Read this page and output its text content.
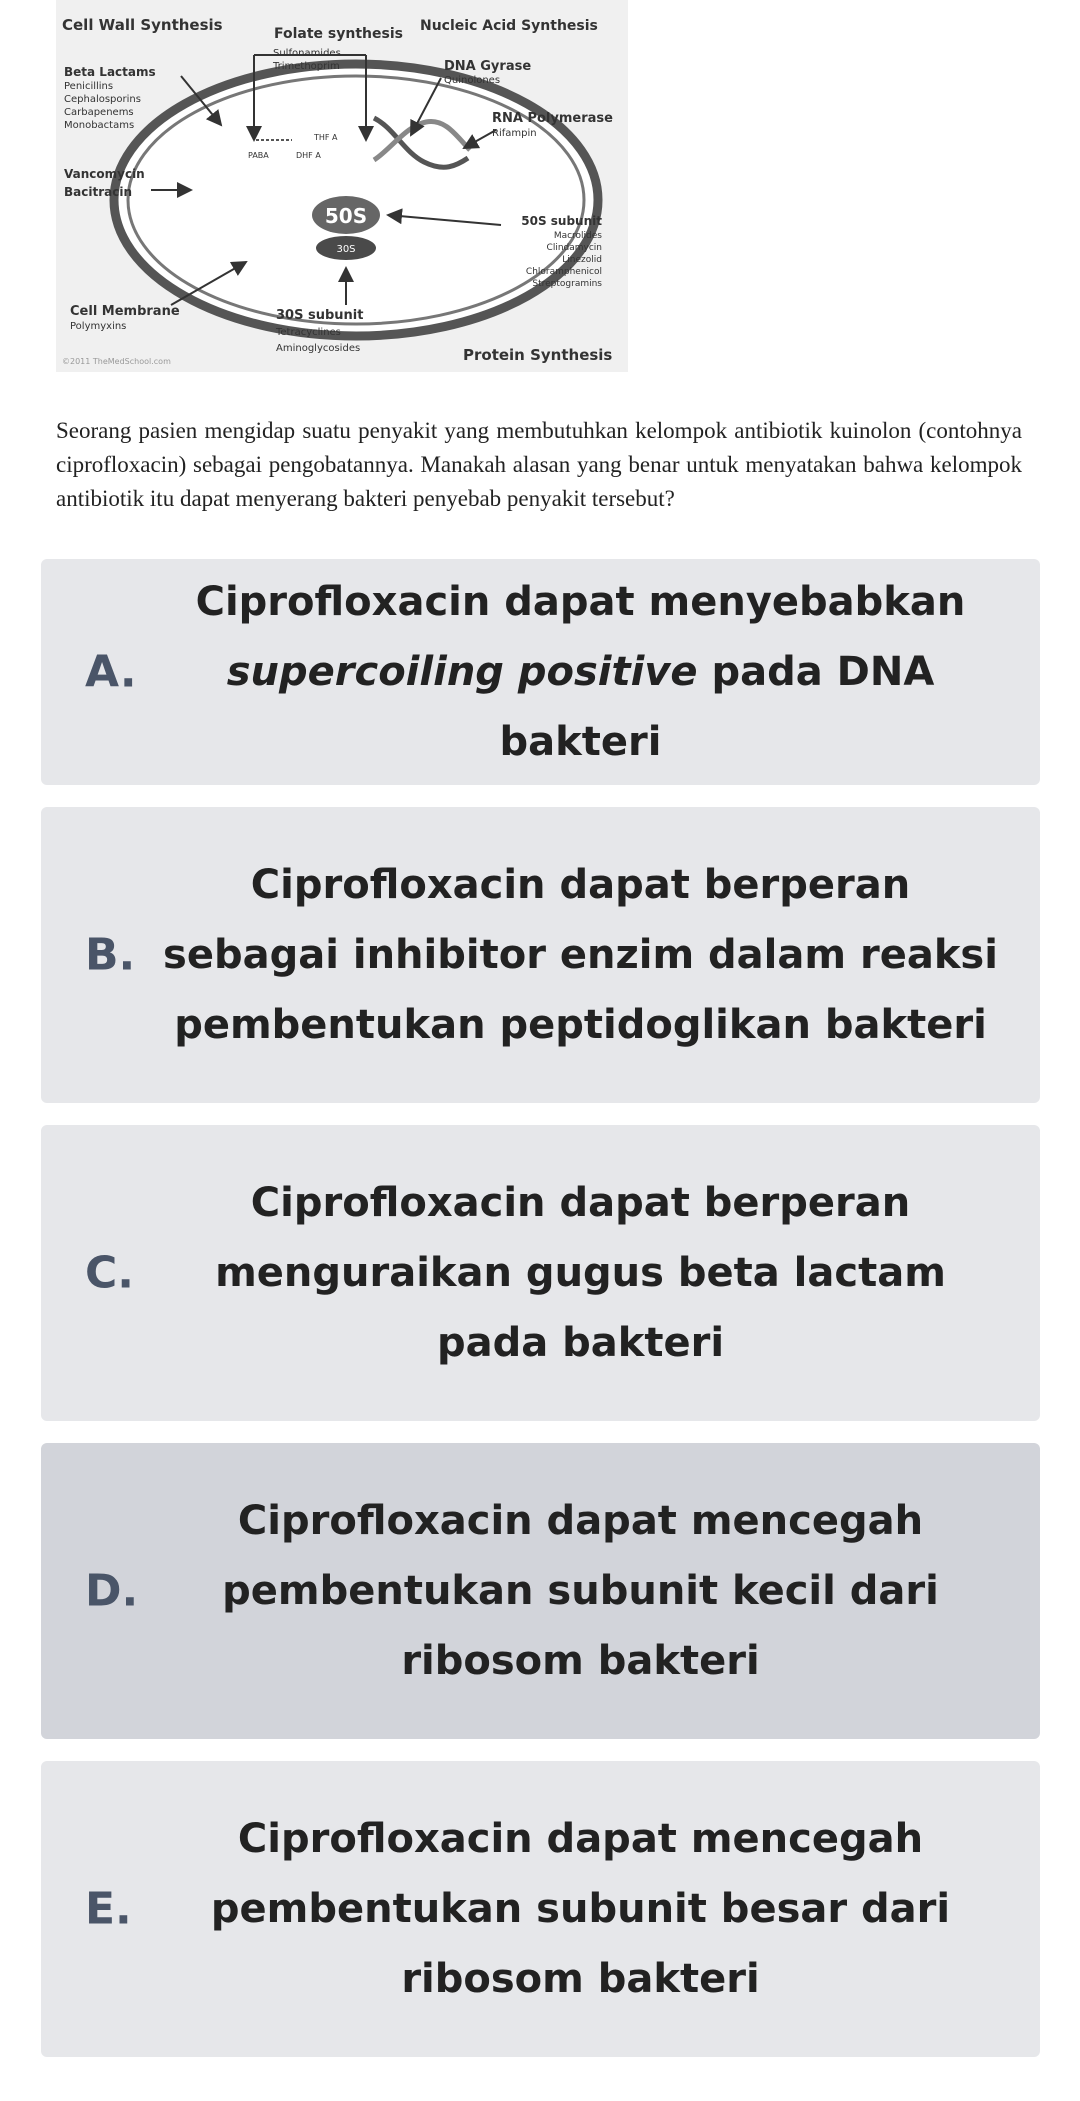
50S
30S
PABA	DHF A
THF A
Cell Wall Synthesis	Folate synthesis Nucleic Acid Synthesis
Sulfonamides
Trimethoprim
Beta Lactams
Penicillins
Cephalosporins
Carbapenems
Monobactams
Vancomycin
Bacitracin
DNA Gyrase
Quinolones
RNA Polymerase
Rifampin
50S subunit
Macrolides
Clindamycin
Linezolid
Chloramphenicol
Streptogramins
Cell Membrane
Polymyxins
30S subunit
Tetracyclines
Aminoglycosides	Protein Synthesis
©2011 TheMedSchool.com
Seorang pasien mengidap suatu penyakit yang membutuhkan kelompok antibiotik kuinolon (contohnya ciprofloxacin) sebagai pengobatannya. Manakah alasan yang benar untuk menyatakan bahwa kelompok antibiotik itu dapat menyerang bakteri penyebab penyakit tersebut?
A.
Ciprofloxacin dapat menyebabkan
supercoiling positive pada DNA bakteri
B.
Ciprofloxacin dapat berperan sebagai inhibitor enzim dalam reaksi pembentukan peptidoglikan bakteri
C.
Ciprofloxacin dapat berperan menguraikan gugus beta lactam pada bakteri
D.
Ciprofloxacin dapat mencegah pembentukan subunit kecil dari ribosom bakteri
E.
Ciprofloxacin dapat mencegah pembentukan subunit besar dari ribosom bakteri
